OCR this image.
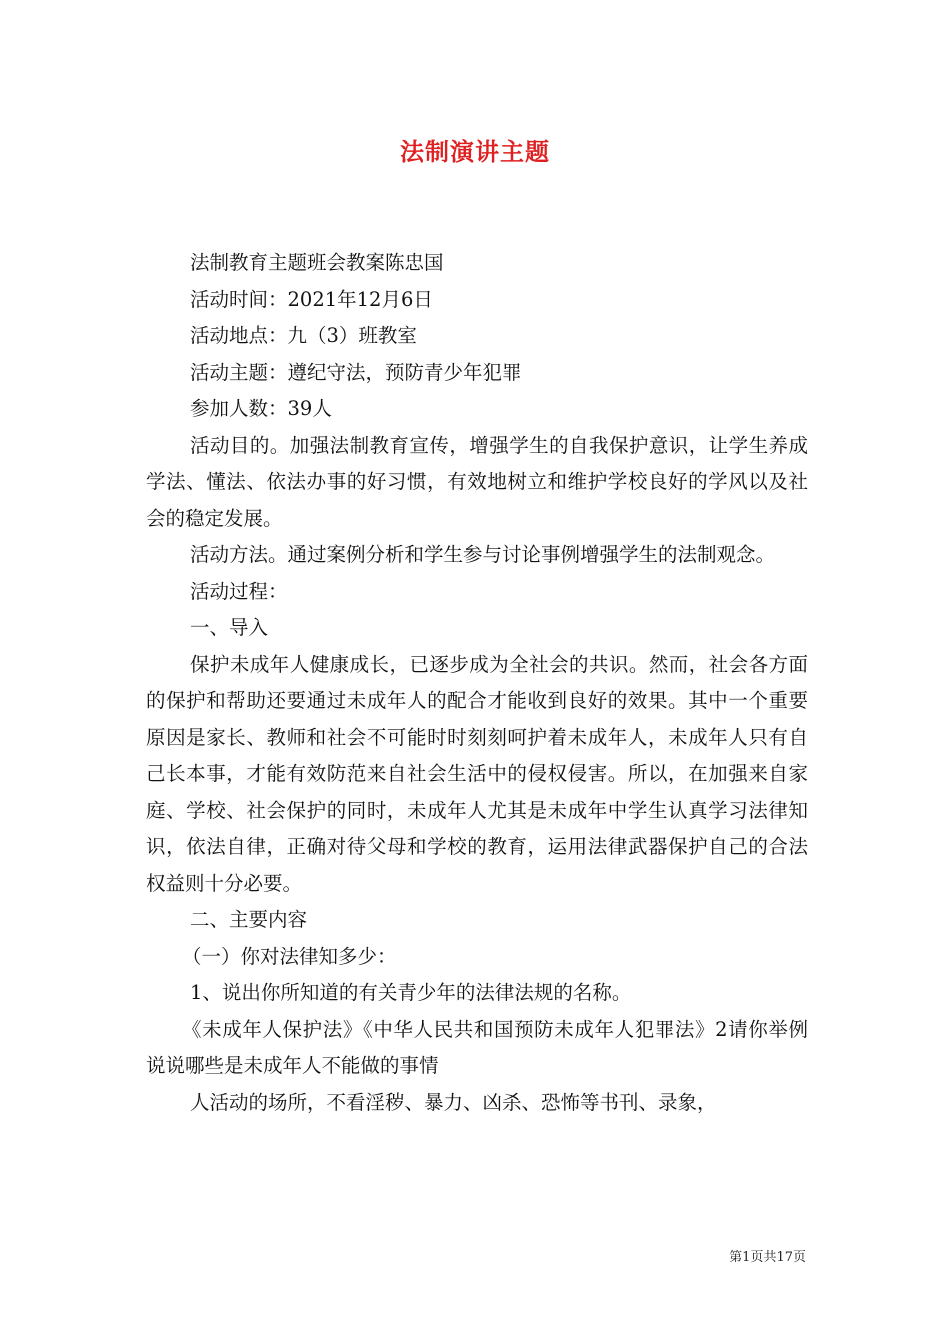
法制演讲主题

法制教育主题班会教案陈忠国

活动时间：2021年12月6日

活动地点：九（3）班教室

活动主题：遵纪守法，预防青少年犯罪

参加人数：39人

活动目的。加强法制教育宣传，增强学生的自我保护意识，让学生养成学法、懂法、依法办事的好习惯，有效地树立和维护学校良好的学风以及社会的稳定发展。

活动方法。通过案例分析和学生参与讨论事例增强学生的法制观念。

活动过程：

一、导入

保护未成年人健康成长，已逐步成为全社会的共识。然而，社会各方面的保护和帮助还要通过未成年人的配合才能收到良好的效果。其中一个重要原因是家长、教师和社会不可能时时刻刻呵护着未成年人，未成年人只有自己长本事，才能有效防范来自社会生活中的侵权侵害。所以，在加强来自家庭、学校、社会保护的同时，未成年人尤其是未成年中学生认真学习法律知识，依法自律，正确对待父母和学校的教育，运用法律武器保护自己的合法权益则十分必要。

二、主要内容

（一）你对法律知多少：

1、说出你所知道的有关青少年的法律法规的名称。

《未成年人保护法》《中华人民共和国预防未成年人犯罪法》2请你举例说说哪些是未成年人不能做的事情

人活动的场所，不看淫秽、暴力、凶杀、恐怖等书刊、录象，

第1页共17页
